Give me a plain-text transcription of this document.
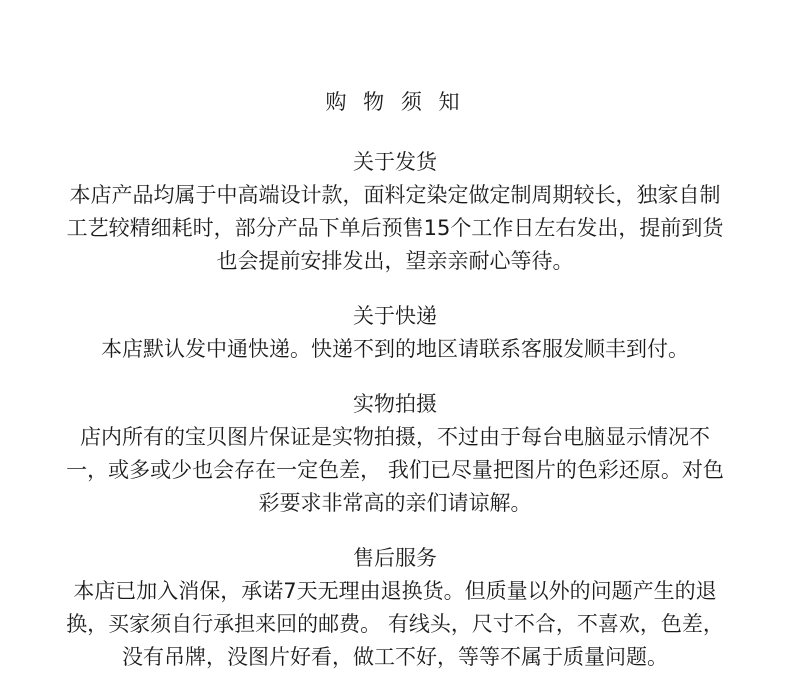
购 物 须 知
关于发货

本店产品均属于中高端设计款，面料定染定做定制周期较长，独家自制

工艺较精细耗时，部分产品下单后预售15个工作日左右发出，提前到货

也会提前安排发出，望亲亲耐心等待。

关于快递

本店默认发中通快递。快递不到的地区请联系客服发顺丰到付。

实物拍摄

店内所有的宝贝图片保证是实物拍摄，不过由于每台电脑显示情况不

一，或多或少也会存在一定色差， 我们已尽量把图片的色彩还原。对色

彩要求非常高的亲们请谅解。

售后服务

本店已加入消保，承诺7天无理由退换货。但质量以外的问题产生的退

换，买家须自行承担来回的邮费。 有线头，尺寸不合，不喜欢，色差，

没有吊牌，没图片好看，做工不好，等等不属于质量问题。
